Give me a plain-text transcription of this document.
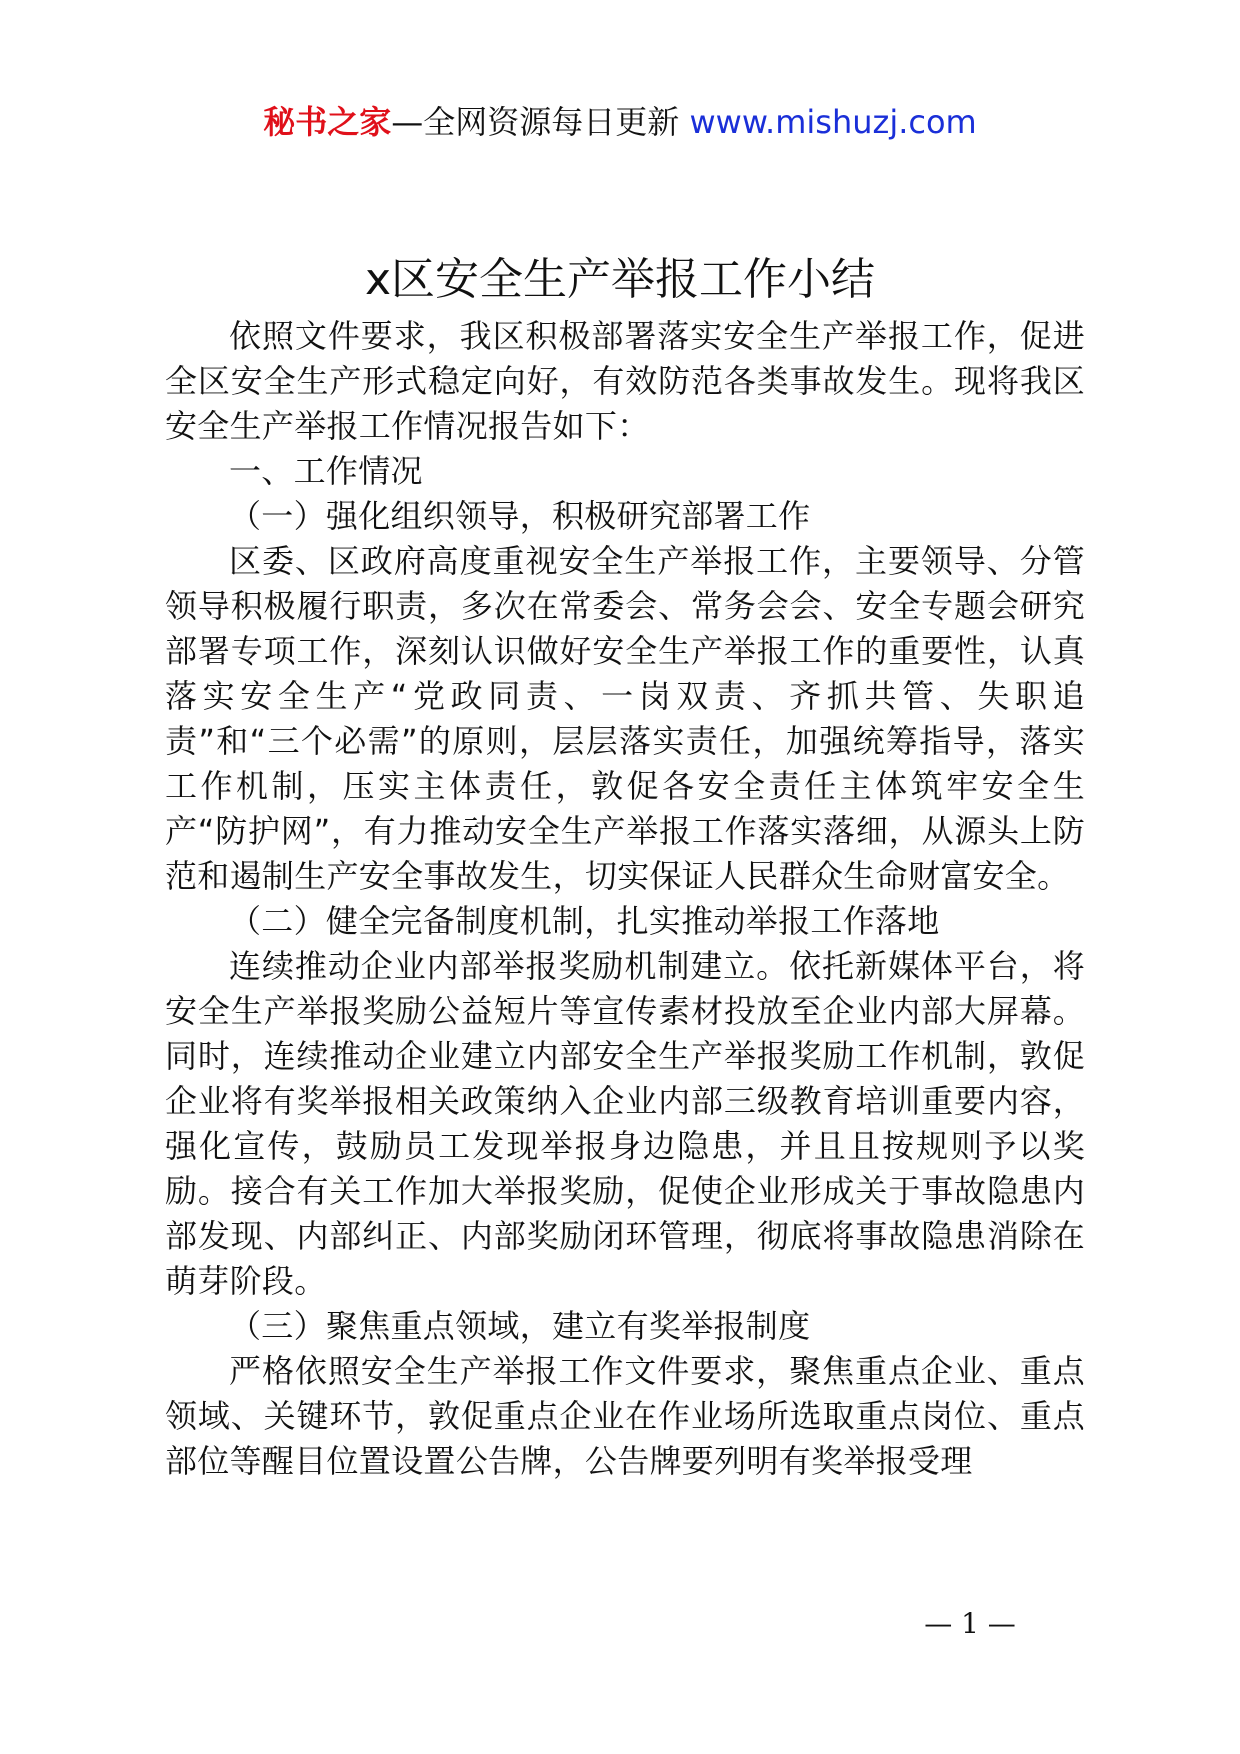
秘书之家—全网资源每日更新 www.mishuzj.com
x区安全生产举报工作小结

依照文件要求，我区积极部署落实安全生产举报工作，促进全区安全生产形式稳定向好，有效防范各类事故发生。现将我区安全生产举报工作情况报告如下：

一、工作情况

（一）强化组织领导，积极研究部署工作

区委、区政府高度重视安全生产举报工作，主要领导、分管领导积极履行职责，多次在常委会、常务会会、安全专题会研究部署专项工作，深刻认识做好安全生产举报工作的重要性，认真落实安全生产“党政同责、一岗双责、齐抓共管、失职追责”和“三个必需”的原则，层层落实责任，加强统筹指导，落实工作机制，压实主体责任，敦促各安全责任主体筑牢安全生产“防护网”，有力推动安全生产举报工作落实落细，从源头上防范和遏制生产安全事故发生，切实保证人民群众生命财富安全。

（二）健全完备制度机制，扎实推动举报工作落地

连续推动企业内部举报奖励机制建立。依托新媒体平台，将安全生产举报奖励公益短片等宣传素材投放至企业内部大屏幕。同时，连续推动企业建立内部安全生产举报奖励工作机制，敦促企业将有奖举报相关政策纳入企业内部三级教育培训重要内容，强化宣传，鼓励员工发现举报身边隐患，并且且按规则予以奖励。接合有关工作加大举报奖励，促使企业形成关于事故隐患内部发现、内部纠正、内部奖励闭环管理，彻底将事故隐患消除在萌芽阶段。

（三）聚焦重点领域，建立有奖举报制度

严格依照安全生产举报工作文件要求，聚焦重点企业、重点领域、关键环节，敦促重点企业在作业场所选取重点岗位、重点部位等醒目位置设置公告牌，公告牌要列明有奖举报受理

— 1 —
